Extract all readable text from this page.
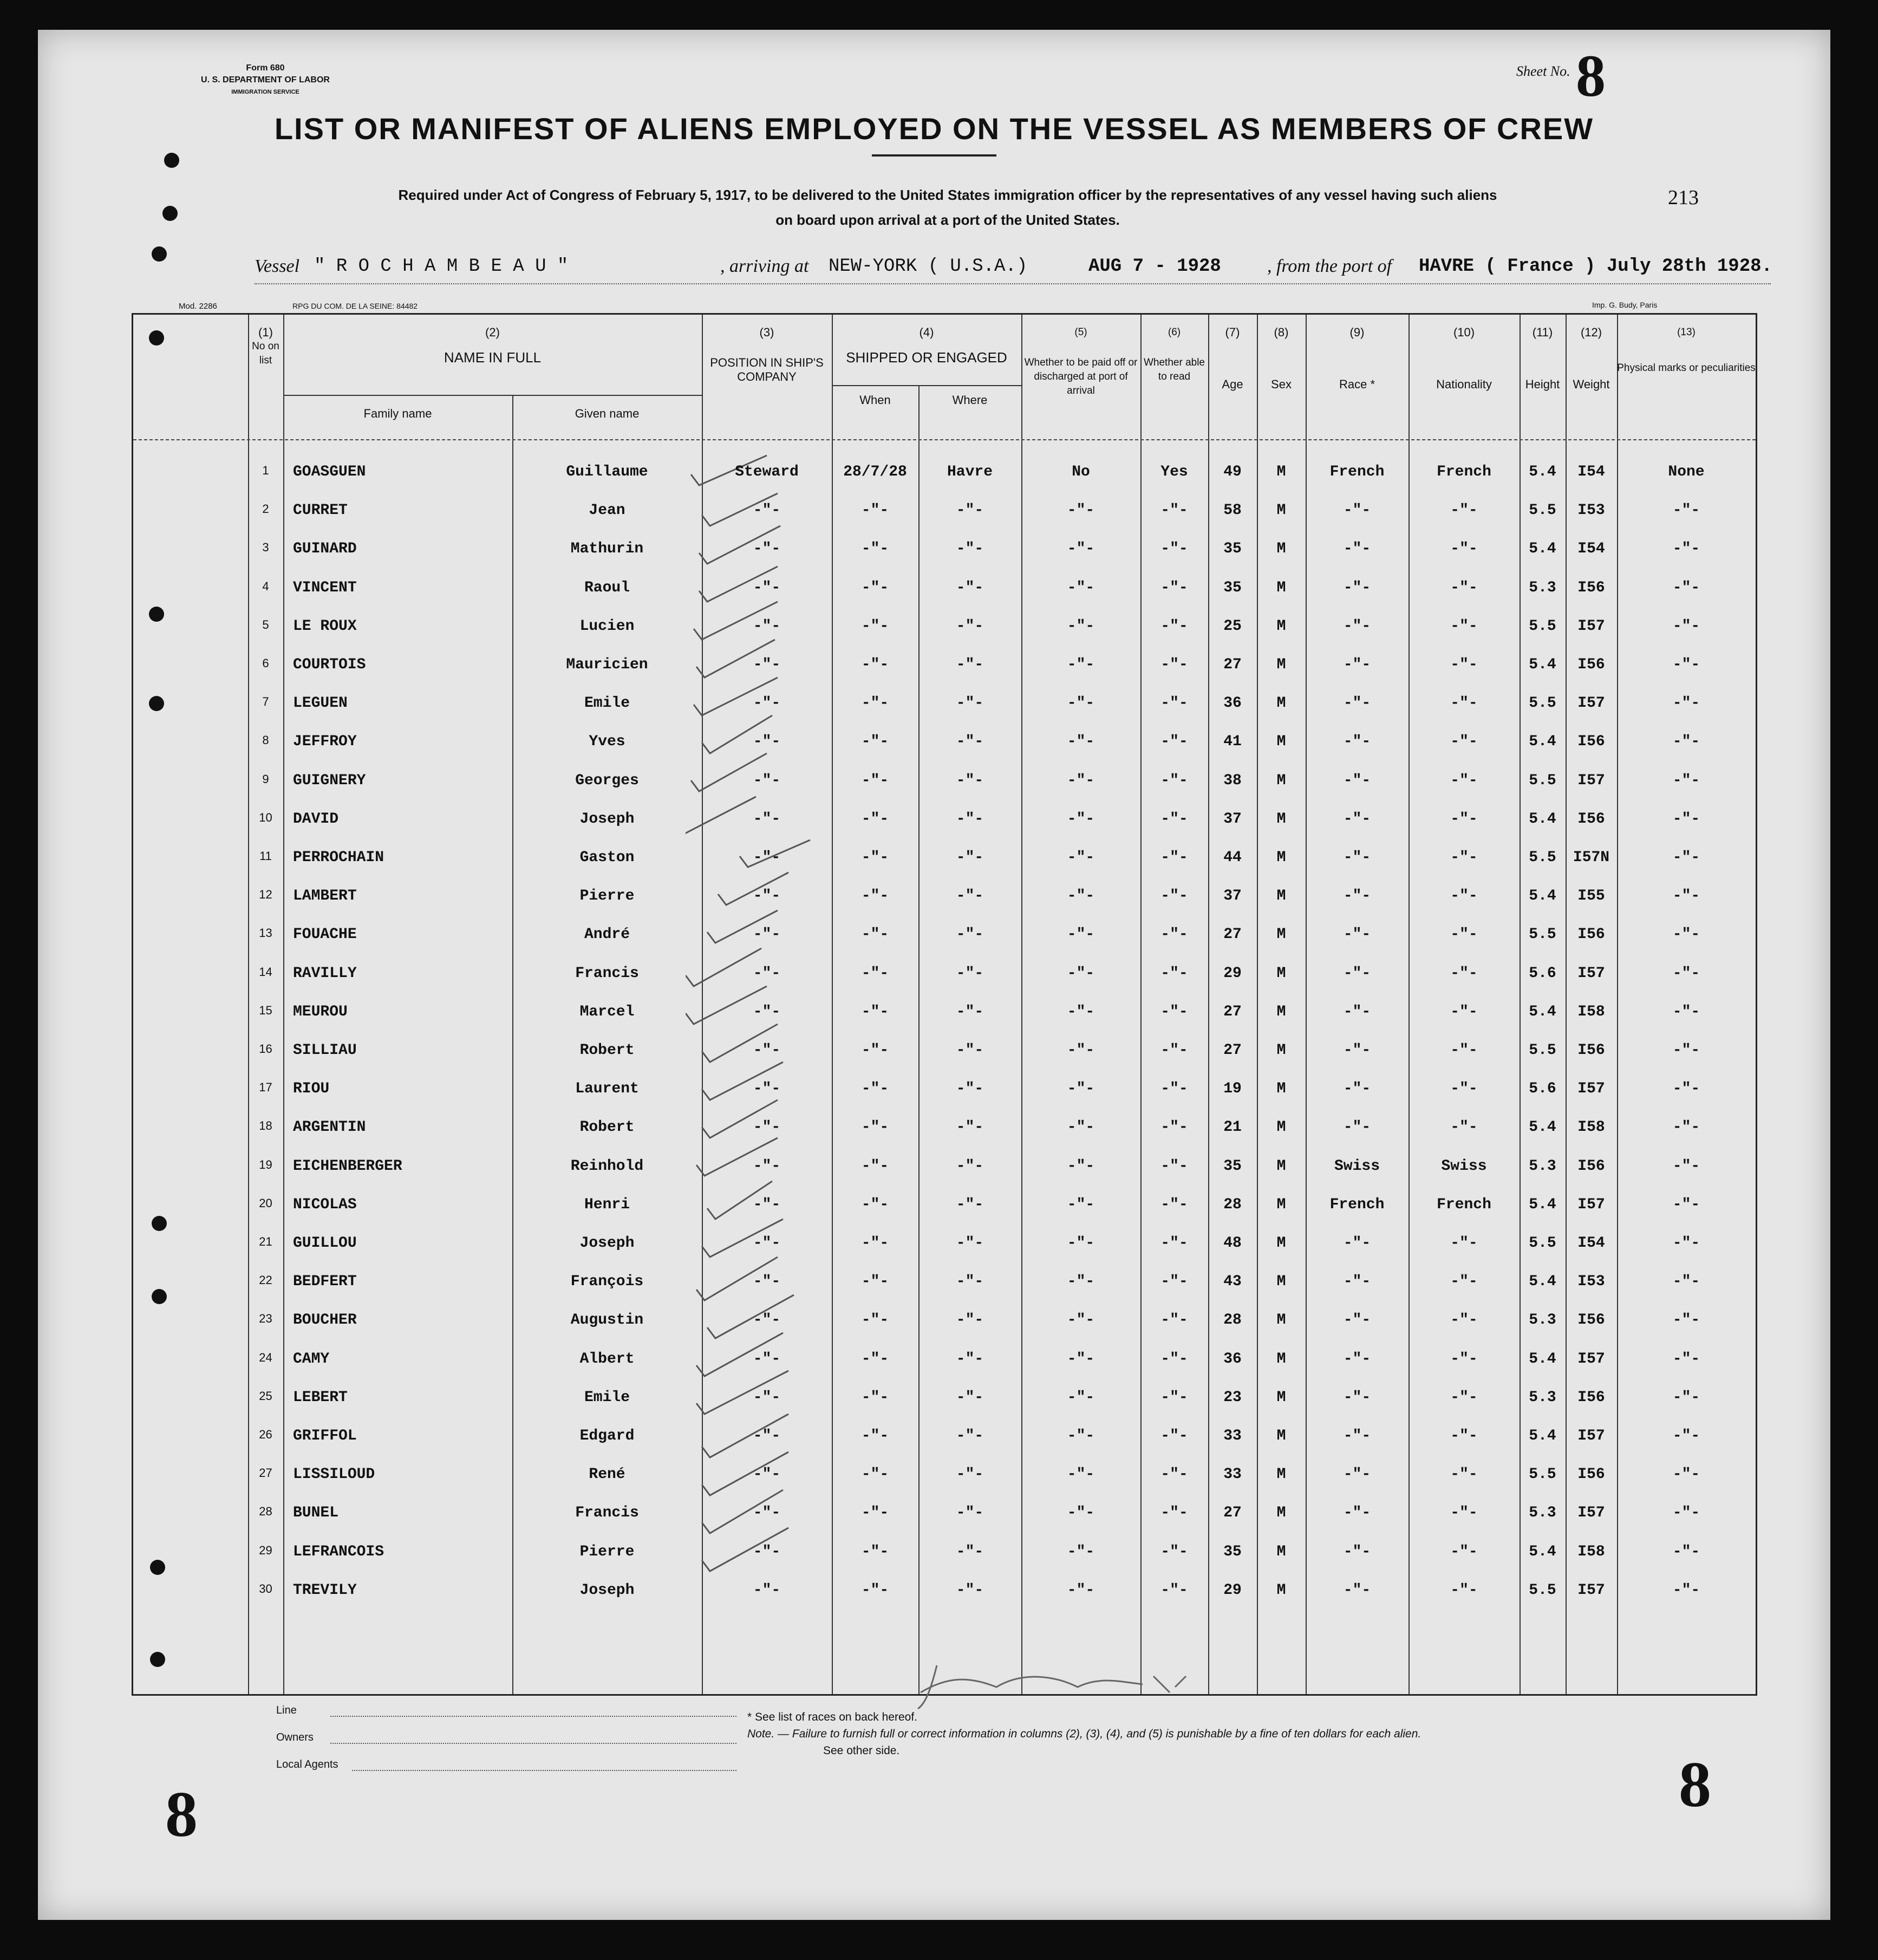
Form 680
U. S. DEPARTMENT OF LABOR
IMMIGRATION SERVICE
Sheet No. 8
LIST OR MANIFEST OF ALIENS EMPLOYED ON THE VESSEL AS MEMBERS OF CREW
Required under Act of Congress of February 5, 1917, to be delivered to the United States immigration officer by the representatives of any vessel having such aliens
on board upon arrival at a port of the United States.
213
Vessel " R O C H A M B E A U "	, arriving at NEW-YORK ( U.S.A.)	AUG 7 - 1928	, from the port of HAVRE ( France ) July 28th 1928.
Mod. 2286	RPG DU COM. DE LA SEINE: 84482	Imp. G. Budy, Paris
(1)
No on list
(2)
NAME IN FULL
Family name	Given name
(3)
POSITION IN SHIP'S COMPANY
(4)
SHIPPED OR ENGAGED
When	Where
(5)
Whether to be paid off or discharged at port of arrival
(6)
Whether able to read
(7)
Age
(8)
Sex
(9)
Race *
(10)
Nationality
(11)
Height
(12)
Weight
(13)
Physical marks or peculiarities
1	GOASGUEN	Guillaume	Steward	28/7/28	Havre	No	Yes	49	M	French	French	5.4	I54	None
2	CURRET	Jean	-"-	-"-	-"-	-"-	-"-	58	M	-"-	-"-	5.5	I53	-"-
3	GUINARD	Mathurin	-"-	-"-	-"-	-"-	-"-	35	M	-"-	-"-	5.4	I54	-"-
4	VINCENT	Raoul	-"-	-"-	-"-	-"-	-"-	35	M	-"-	-"-	5.3	I56	-"-
5	LE ROUX	Lucien	-"-	-"-	-"-	-"-	-"-	25	M	-"-	-"-	5.5	I57	-"-
6	COURTOIS	Mauricien	-"-	-"-	-"-	-"-	-"-	27	M	-"-	-"-	5.4	I56	-"-
7	LEGUEN	Emile	-"-	-"-	-"-	-"-	-"-	36	M	-"-	-"-	5.5	I57	-"-
8	JEFFROY	Yves	-"-	-"-	-"-	-"-	-"-	41	M	-"-	-"-	5.4	I56	-"-
9	GUIGNERY	Georges	-"-	-"-	-"-	-"-	-"-	38	M	-"-	-"-	5.5	I57	-"-
10	DAVID	Joseph	-"-	-"-	-"-	-"-	-"-	37	M	-"-	-"-	5.4	I56	-"-
11	PERROCHAIN	Gaston	-"-	-"-	-"-	-"-	-"-	44	M	-"-	-"-	5.5	I57N	-"-
12	LAMBERT	Pierre	-"-	-"-	-"-	-"-	-"-	37	M	-"-	-"-	5.4	I55	-"-
13	FOUACHE	André	-"-	-"-	-"-	-"-	-"-	27	M	-"-	-"-	5.5	I56	-"-
14	RAVILLY	Francis	-"-	-"-	-"-	-"-	-"-	29	M	-"-	-"-	5.6	I57	-"-
15	MEUROU	Marcel	-"-	-"-	-"-	-"-	-"-	27	M	-"-	-"-	5.4	I58	-"-
16	SILLIAU	Robert	-"-	-"-	-"-	-"-	-"-	27	M	-"-	-"-	5.5	I56	-"-
17	RIOU	Laurent	-"-	-"-	-"-	-"-	-"-	19	M	-"-	-"-	5.6	I57	-"-
18	ARGENTIN	Robert	-"-	-"-	-"-	-"-	-"-	21	M	-"-	-"-	5.4	I58	-"-
19	EICHENBERGER	Reinhold	-"-	-"-	-"-	-"-	-"-	35	M	Swiss	Swiss	5.3	I56	-"-
20	NICOLAS	Henri	-"-	-"-	-"-	-"-	-"-	28	M	French	French	5.4	I57	-"-
21	GUILLOU	Joseph	-"-	-"-	-"-	-"-	-"-	48	M	-"-	-"-	5.5	I54	-"-
22	BEDFERT	François	-"-	-"-	-"-	-"-	-"-	43	M	-"-	-"-	5.4	I53	-"-
23	BOUCHER	Augustin	-"-	-"-	-"-	-"-	-"-	28	M	-"-	-"-	5.3	I56	-"-
24	CAMY	Albert	-"-	-"-	-"-	-"-	-"-	36	M	-"-	-"-	5.4	I57	-"-
25	LEBERT	Emile	-"-	-"-	-"-	-"-	-"-	23	M	-"-	-"-	5.3	I56	-"-
26	GRIFFOL	Edgard	-"-	-"-	-"-	-"-	-"-	33	M	-"-	-"-	5.4	I57	-"-
27	LISSILOUD	René	-"-	-"-	-"-	-"-	-"-	33	M	-"-	-"-	5.5	I56	-"-
28	BUNEL	Francis	-"-	-"-	-"-	-"-	-"-	27	M	-"-	-"-	5.3	I57	-"-
29	LEFRANCOIS	Pierre	-"-	-"-	-"-	-"-	-"-	35	M	-"-	-"-	5.4	I58	-"-
30	TREVILY	Joseph	-"-	-"-	-"-	-"-	-"-	29	M	-"-	-"-	5.5	I57	-"-
Line
Owners
Local Agents
* See list of races on back hereof.
Note. — Failure to furnish full or correct information in columns (2), (3), (4), and (5) is punishable by a fine of ten dollars for each alien.
See other side.
8	8
